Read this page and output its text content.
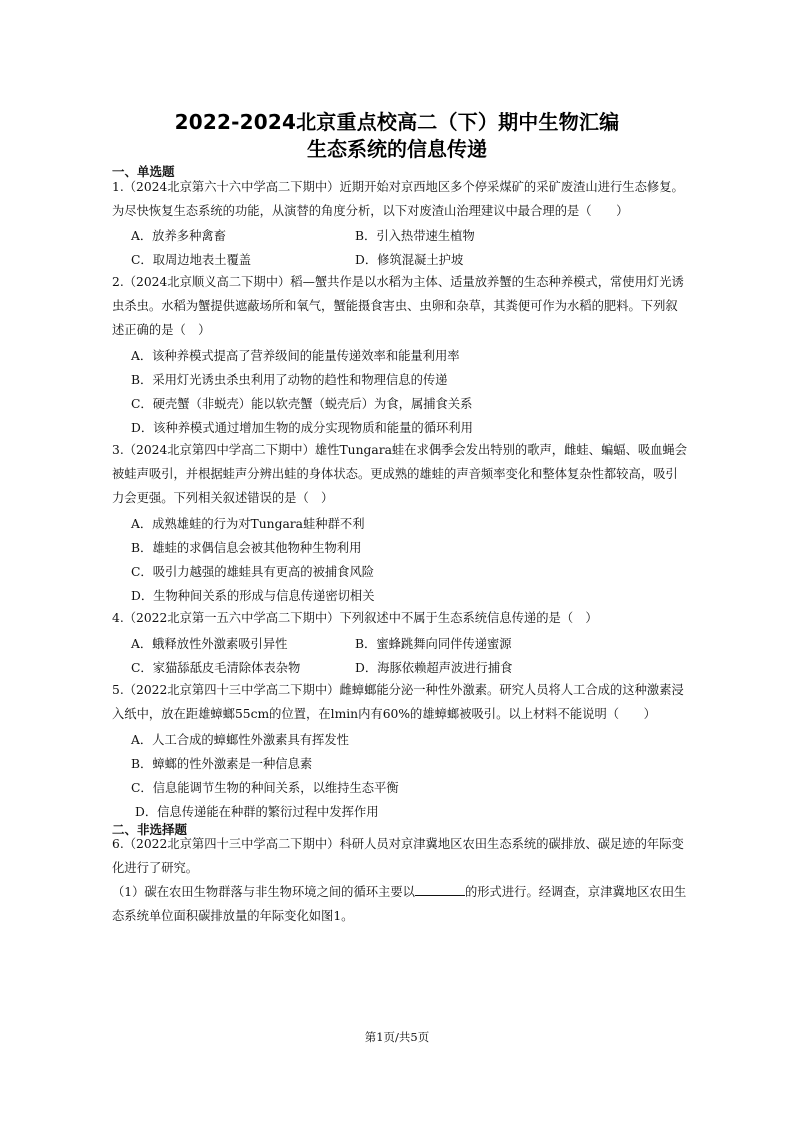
2022-2024北京重点校高二（下）期中生物汇编
生态系统的信息传递
一、单选题
1.（2024北京第六十六中学高二下期中）近期开始对京西地区多个停采煤矿的采矿废渣山进行生态修复。
为尽快恢复生态系统的功能，从演替的角度分析，以下对废渣山治理建议中最合理的是（　　）
A．放养多种禽畜	B．引入热带速生植物
C．取周边地表土覆盖	D．修筑混凝土护坡
2.（2024北京顺义高二下期中）稻—蟹共作是以水稻为主体、适量放养蟹的生态种养模式，常使用灯光诱
虫杀虫。水稻为蟹提供遮蔽场所和氧气，蟹能摄食害虫、虫卵和杂草，其粪便可作为水稻的肥料。下列叙
述正确的是（　）
A．该种养模式提高了营养级间的能量传递效率和能量利用率
B．采用灯光诱虫杀虫利用了动物的趋性和物理信息的传递
C．硬壳蟹（非蜕壳）能以软壳蟹（蜕壳后）为食，属捕食关系
D．该种养模式通过增加生物的成分实现物质和能量的循环利用
3.（2024北京第四中学高二下期中）雄性Tungara蛙在求偶季会发出特别的歌声，雌蛙、蝙蝠、吸血蝇会
被蛙声吸引，并根据蛙声分辨出蛙的身体状态。更成熟的雄蛙的声音频率变化和整体复杂性都较高，吸引
力会更强。下列相关叙述错误的是（　）
A．成熟雄蛙的行为对Tungara蛙种群不利
B．雄蛙的求偶信息会被其他物种生物利用
C．吸引力越强的雄蛙具有更高的被捕食风险
D．生物种间关系的形成与信息传递密切相关
4.（2022北京第一五六中学高二下期中）下列叙述中不属于生态系统信息传递的是（　）
A．蛾释放性外激素吸引异性	B．蜜蜂跳舞向同伴传递蜜源
C．家猫舔舐皮毛清除体表杂物	D．海豚依赖超声波进行捕食
5.（2022北京第四十三中学高二下期中）雌蟑螂能分泌一种性外激素。研究人员将人工合成的这种激素浸
入纸中，放在距雄蟑螂55cm的位置，在lmin内有60%的雄蟑螂被吸引。以上材料不能说明（　　）
A．人工合成的蟑螂性外激素具有挥发性
B．蟑螂的性外激素是一种信息素
C．信息能调节生物的种间关系，以维持生态平衡
D．信息传递能在种群的繁衍过程中发挥作用
二、非选择题
6.（2022北京第四十三中学高二下期中）科研人员对京津冀地区农田生态系统的碳排放、碳足迹的年际变
化进行了研究。
（1）碳在农田生物群落与非生物环境之间的循环主要以	的形式进行。经调查，京津冀地区农田生
态系统单位面积碳排放量的年际变化如图1。
第1页/共5页
